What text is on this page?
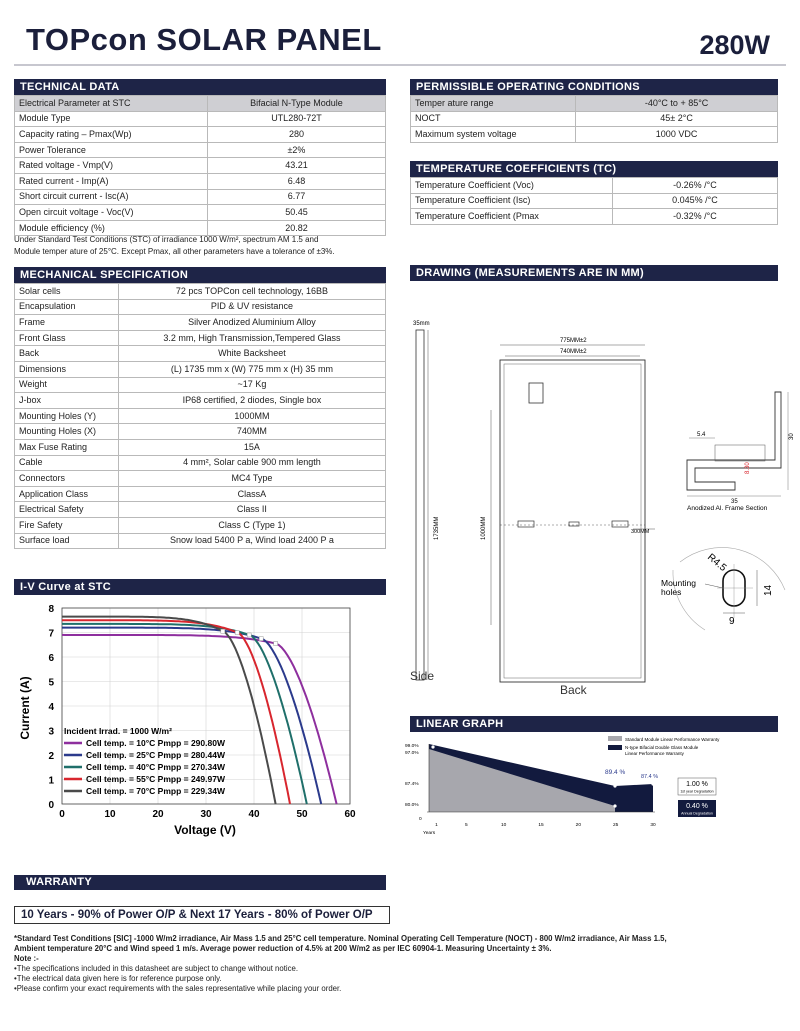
TOPcon SOLAR PANEL	280W
TECHNICAL DATA
Electrical Parameter at STC	Bifacial N-Type Module
Module Type	UTL280-72T
Capacity rating – Pmax(Wp)	280
Power Tolerance	±2%
Rated voltage - Vmp(V)	43.21
Rated current - Imp(A)	6.48
Short circuit current - Isc(A)	6.77
Open circuit voltage - Voc(V)	50.45
Module efficiency (%)	20.82
Under Standard Test Conditions (STC) of irradiance 1000 W/m², spectrum AM 1.5 and
Module temper ature of 25°C. Except Pmax, all other parameters have a tolerance of ±3%.
PERMISSIBLE OPERATING CONDITIONS
Temper ature range	-40°C to + 85°C
NOCT	45± 2°C
Maximum system voltage	1000 VDC
TEMPERATURE COEFFICIENTS (TC)
Temperature Coefficient (Voc)	-0.26% /°C
Temperature Coefficient (Isc)	0.045% /°C
Temperature Coefficient (Pmax	-0.32% /°C
MECHANICAL SPECIFICATION
Solar cells	72 pcs TOPCon cell technology, 16BB
Encapsulation	PID & UV resistance
Frame	Silver Anodized Aluminium Alloy
Front Glass	3.2 mm, High Transmission,Tempered Glass
Back	White Backsheet
Dimensions	(L) 1735 mm x (W) 775 mm x (H) 35 mm
Weight	~17 Kg
J-box	IP68 certified, 2 diodes, Single box
Mounting Holes (Y)	1000MM
Mounting Holes (X)	740MM
Max Fuse Rating	15A
Cable	4 mm², Solar cable 900 mm length
Connectors	MC4 Type
Application Class	ClassA
Electrical Safety	Class II
Fire Safety	Class C (Type 1)
Surface load	Snow load 5400 P a, Wind load 2400 P a
DRAWING (MEASUREMENTS ARE IN MM)
35mm
1735MM
Side
775MM±2
740MM±2
1000MM	300MM
Back
5.4	30
8.30
35
Anodized Al. Frame Section
R4.5
14
9
Mounting
holes
I-V Curve at STC
0
1
2
3
4
5
6
7
8
0	10	20	30	40	50	60
Voltage (V)
Current (A)	Incident Irrad. = 1000 W/m²
Cell temp. = 10°C Pmpp = 290.80W
Cell temp. = 25°C Pmpp = 280.44W
Cell temp. = 40°C Pmpp = 270.34W
Cell temp. = 55°C Pmpp = 249.97W
Cell temp. = 70°C Pmpp = 229.34W
LINEAR GRAPH
Standard Module Linear Performance Warranty
N-type Bifacial Double Glass Module
Linear Performance Warranty
99.0%
97.0%
87.4%
80.0%
0
1	5	10	15	20	25	30
Years
89.4 %
87.4 %
1.00 %
1st year Degradation
0.40 %
Annual Degradation
WARRANTY
10 Years - 90% of Power O/P & Next 17 Years - 80% of Power O/P
*Standard Test Conditions [SIC] -1000 W/m2 irradiance, Air Mass 1.5 and 25°C cell temperature. Nominal Operating Cell Temperature (NOCT) - 800 W/m2 irradiance, Air Mass 1.5,
Ambient temperature 20°C and Wind speed 1 m/s. Average power reduction of 4.5% at 200 W/m2 as per IEC 60904-1. Measuring Uncertainty ± 3%.
Note :-
•The specifications included in this datasheet are subject to change without notice.
•The electrical data given here is for reference purpose only.
•Please confirm your exact requirements with the sales representative while placing your order.
